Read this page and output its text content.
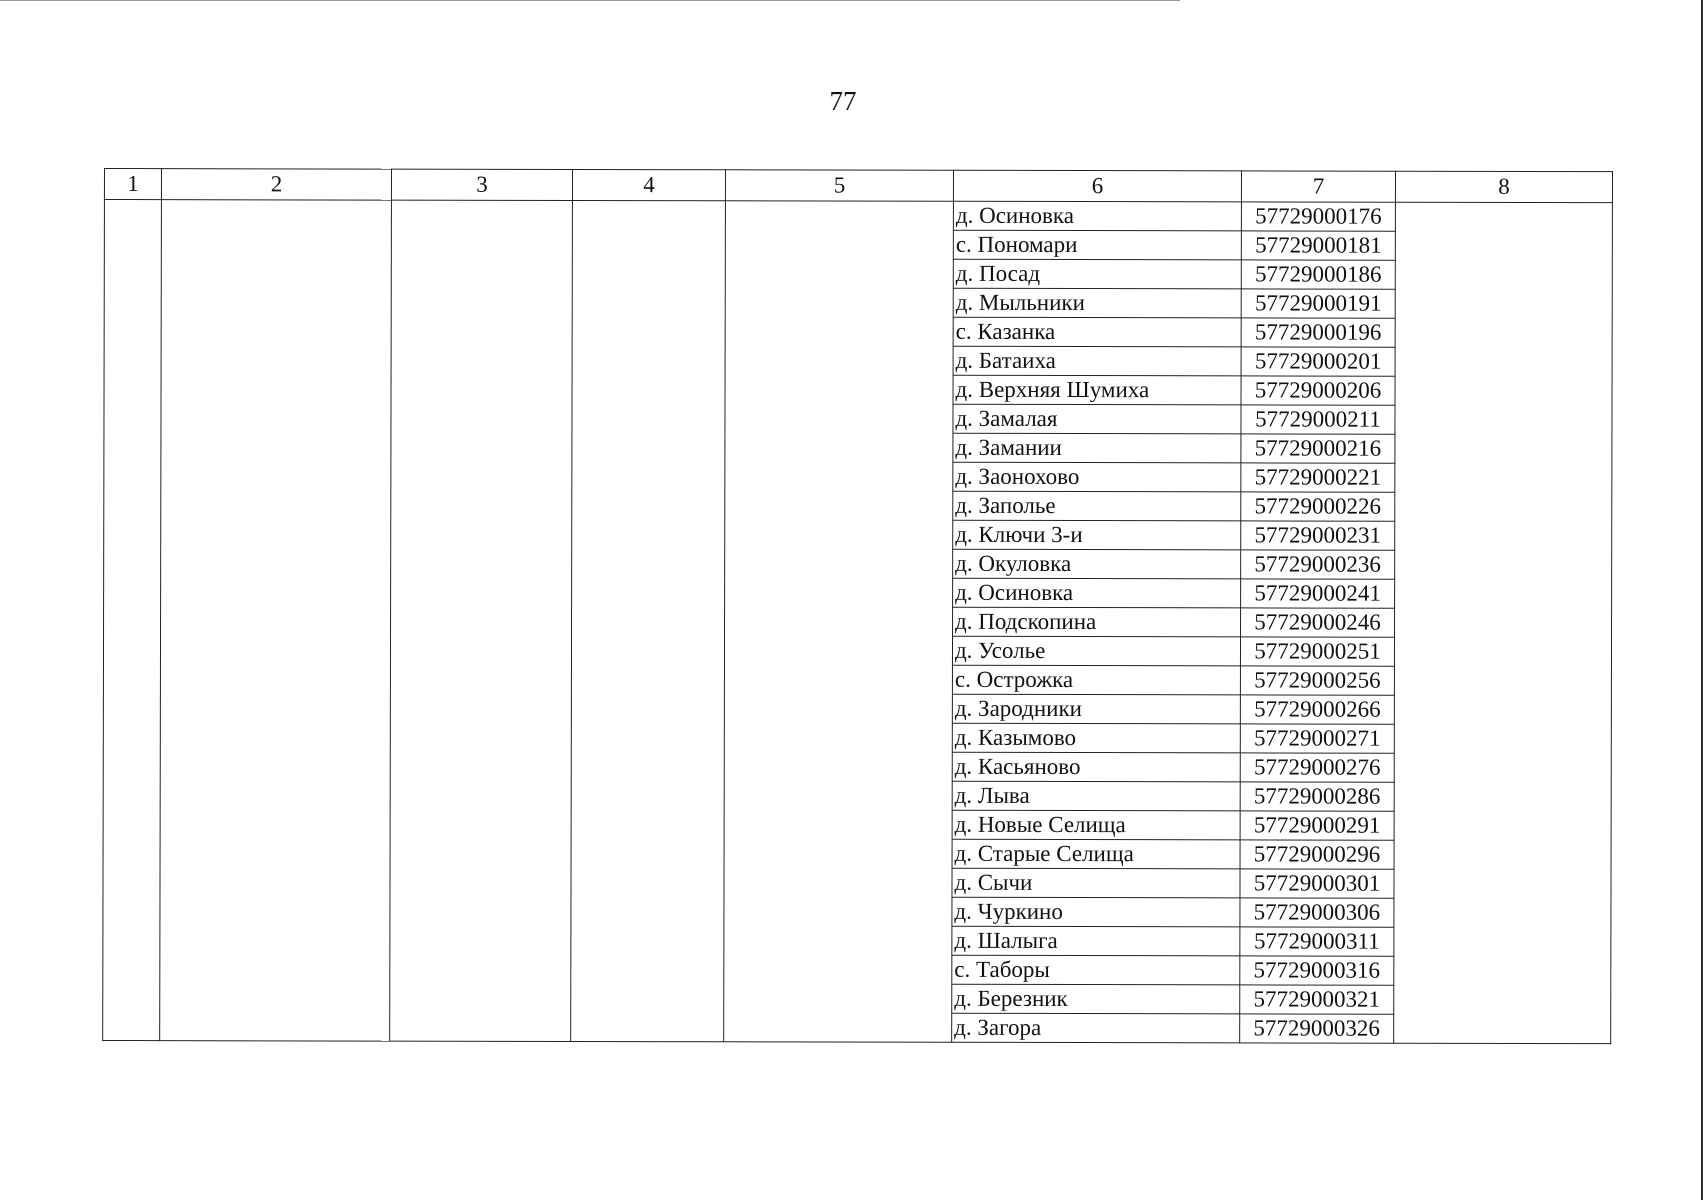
77
1	2	3	4	5	6	7	8
					д. Осиновка	57729000176	
					с. Пономари	57729000181	
					д. Посад	57729000186	
					д. Мыльники	57729000191	
					с. Казанка	57729000196	
					д. Батаиха	57729000201	
					д. Верхняя Шумиха	57729000206	
					д. Замалая	57729000211	
					д. Замании	57729000216	
					д. Заонохово	57729000221	
					д. Заполье	57729000226	
					д. Ключи 3-и	57729000231	
					д. Окуловка	57729000236	
					д. Осиновка	57729000241	
					д. Подскопина	57729000246	
					д. Усолье	57729000251	
					с. Острожка	57729000256	
					д. Зародники	57729000266	
					д. Казымово	57729000271	
					д. Касьяново	57729000276	
					д. Лыва	57729000286	
					д. Новые Селища	57729000291	
					д. Старые Селища	57729000296	
					д. Сычи	57729000301	
					д. Чуркино	57729000306	
					д. Шалыга	57729000311	
					с. Таборы	57729000316	
					д. Березник	57729000321	
					д. Загора	57729000326	
